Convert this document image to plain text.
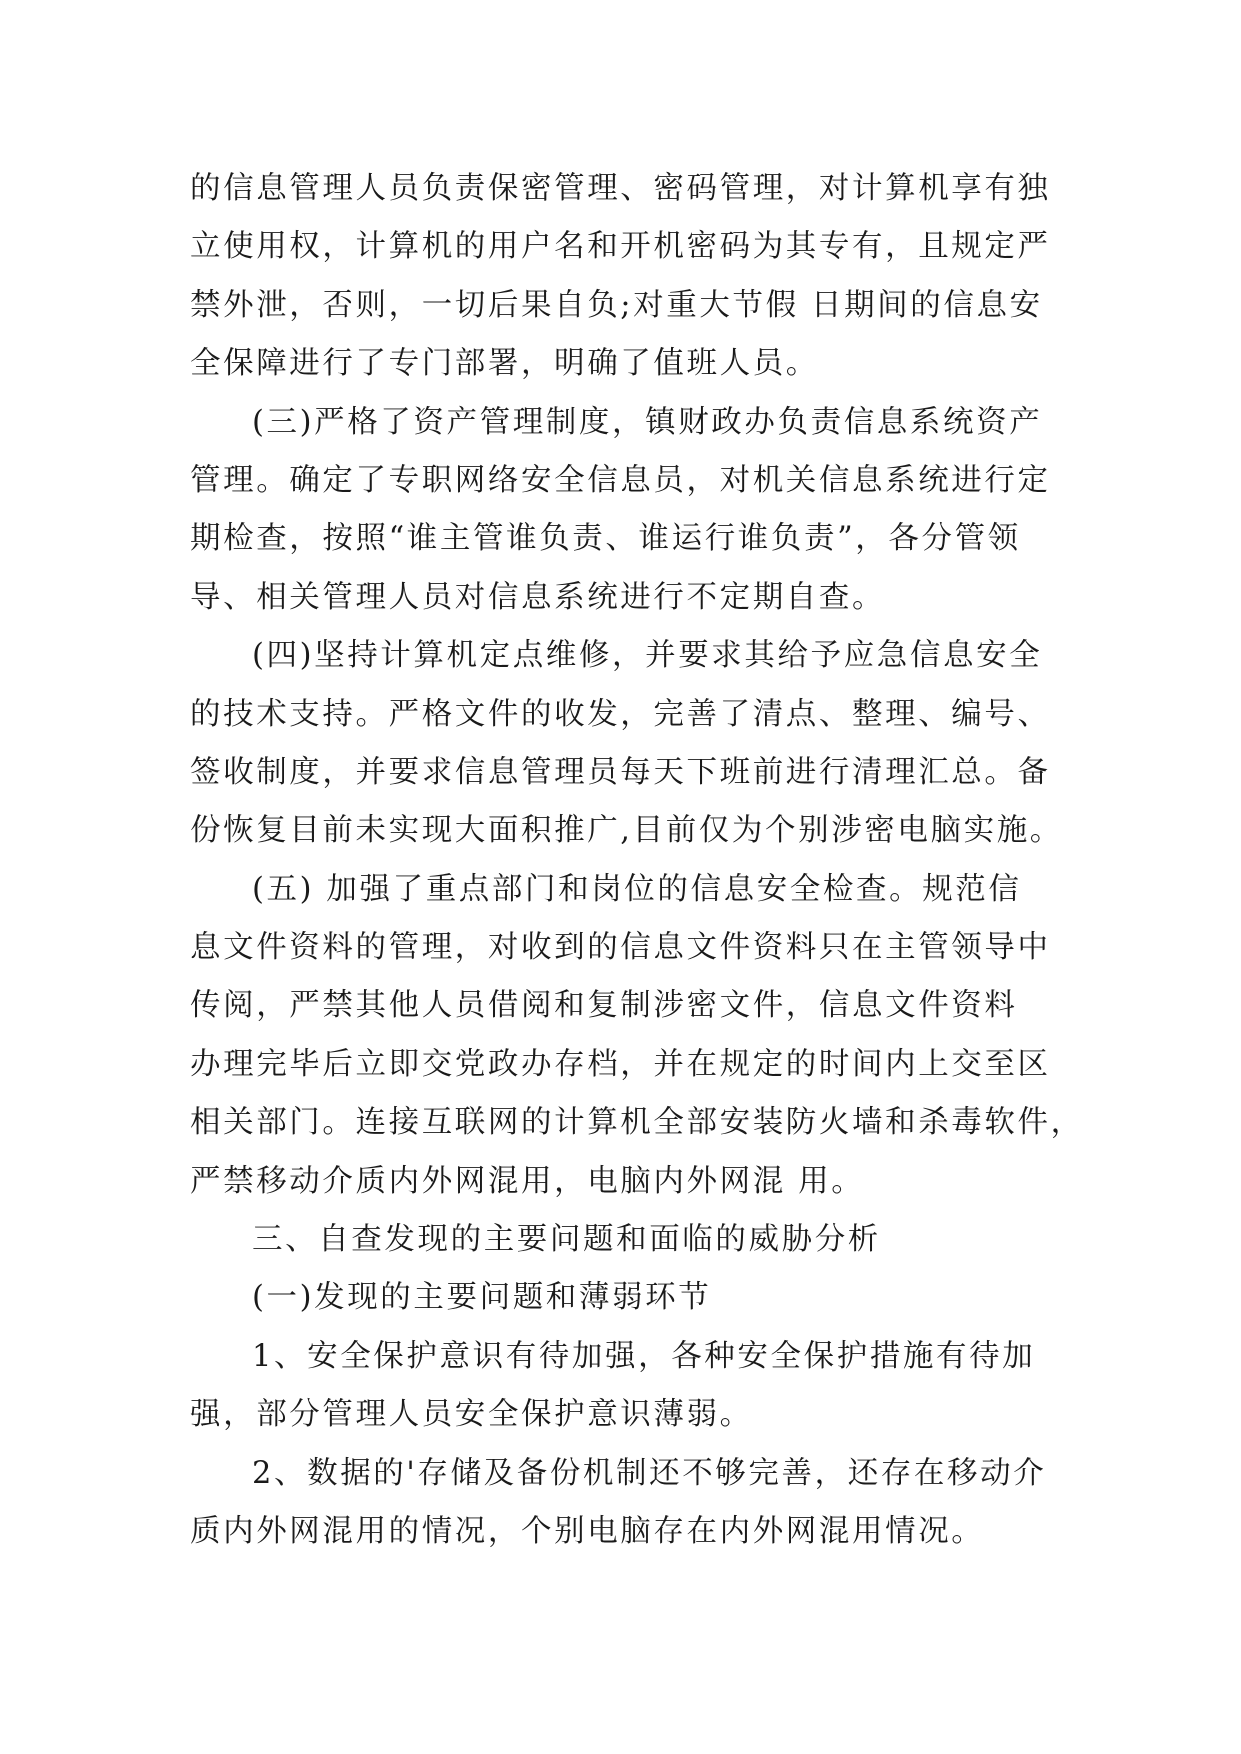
的信息管理人员负责保密管理、密码管理，对计算机享有独
立使用权，计算机的用户名和开机密码为其专有，且规定严
禁外泄，否则，一切后果自负;对重大节假 日期间的信息安
全保障进行了专门部署，明确了值班人员。
(三)严格了资产管理制度，镇财政办负责信息系统资产
管理。确定了专职网络安全信息员，对机关信息系统进行定
期检查，按照“谁主管谁负责、谁运行谁负责”，各分管领
导、相关管理人员对信息系统进行不定期自查。
(四)坚持计算机定点维修，并要求其给予应急信息安全
的技术支持。严格文件的收发，完善了清点、整理、编号、
签收制度，并要求信息管理员每天下班前进行清理汇总。备
份恢复目前未实现大面积推广,目前仅为个别涉密电脑实施。
(五) 加强了重点部门和岗位的信息安全检查。规范信
息文件资料的管理，对收到的信息文件资料只在主管领导中
传阅，严禁其他人员借阅和复制涉密文件，信息文件资料
办理完毕后立即交党政办存档，并在规定的时间内上交至区
相关部门。连接互联网的计算机全部安装防火墙和杀毒软件，
严禁移动介质内外网混用，电脑内外网混 用。
三、自查发现的主要问题和面临的威胁分析
(一)发现的主要问题和薄弱环节
1、安全保护意识有待加强，各种安全保护措施有待加
强，部分管理人员安全保护意识薄弱。
2、数据的'存储及备份机制还不够完善，还存在移动介
质内外网混用的情况，个别电脑存在内外网混用情况。
